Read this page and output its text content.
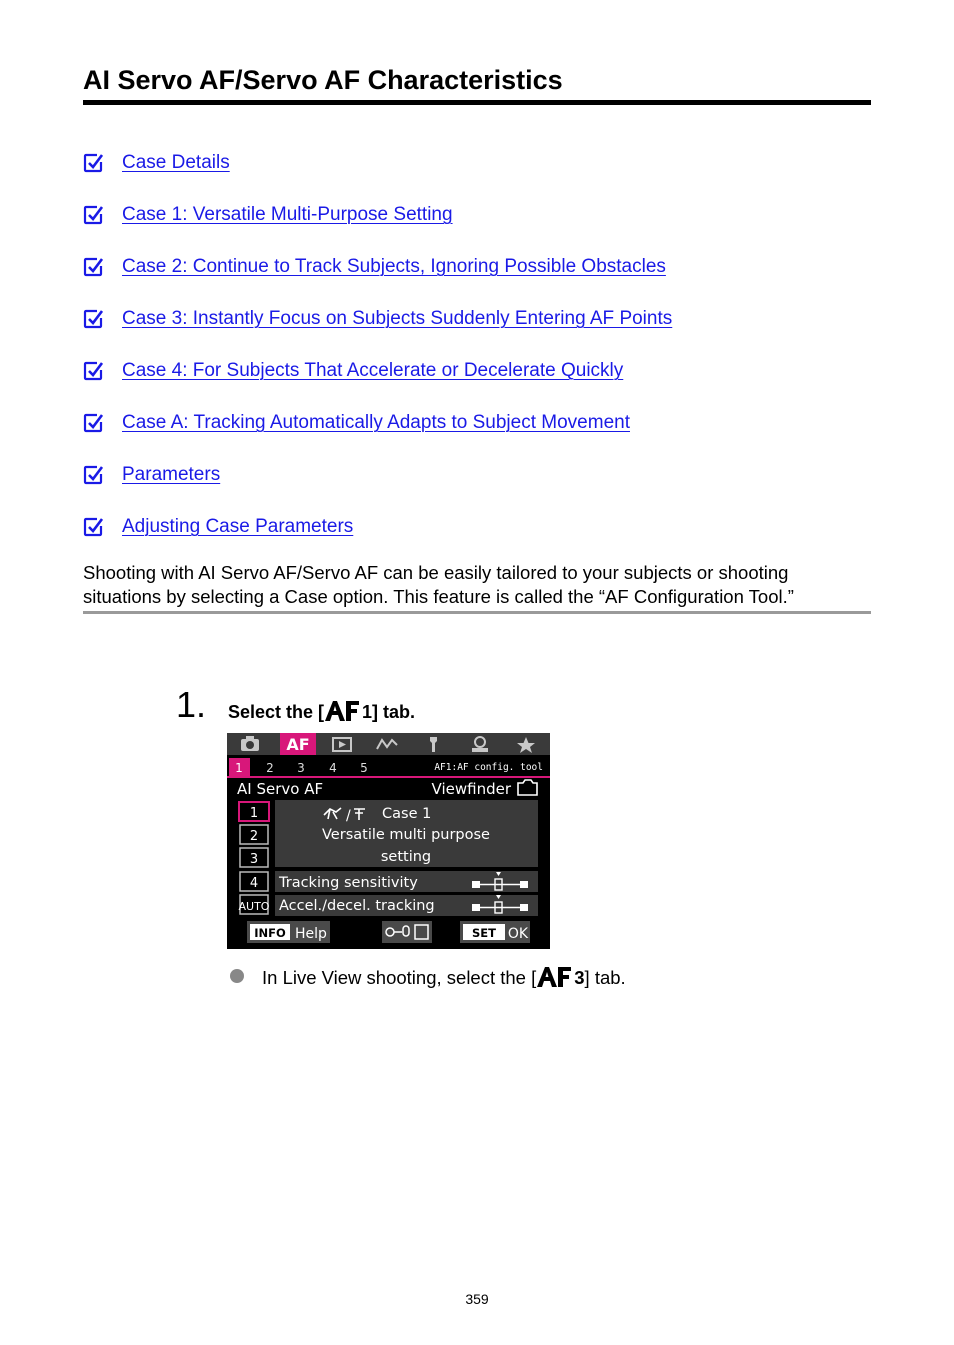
AI Servo AF/Servo AF Characteristics
Case Details
Case 1: Versatile Multi-Purpose Setting
Case 2: Continue to Track Subjects, Ignoring Possible Obstacles
Case 3: Instantly Focus on Subjects Suddenly Entering AF Points
Case 4: For Subjects That Accelerate or Decelerate Quickly
Case A: Tracking Automatically Adapts to Subject Movement
Parameters
Adjusting Case Parameters
Shooting with AI Servo AF/Servo AF can be easily tailored to your subjects or shooting situations by selecting a Case option. This feature is called the “AF Configuration Tool.”
1. Select the [ 1] tab.
AF
1 2 3 4 5	AF1:AF config. tool
AI Servo AF	Viewfinder
/ Case 1
Versatile multi purpose
setting
1
2
3
4
AUTO
Tracking sensitivity
Accel./decel. tracking
INFO Help	SET OK
In Live View shooting, select the [ 3] tab.
359
